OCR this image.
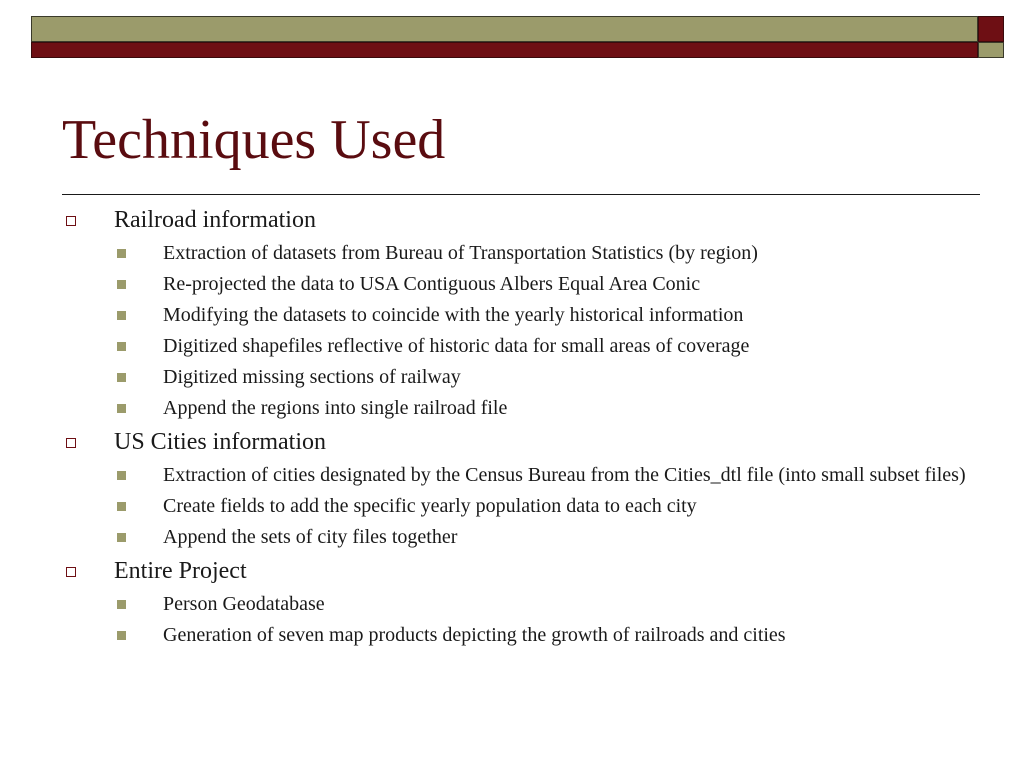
Techniques Used

Railroad information

Extraction of datasets from Bureau of Transportation Statistics (by region)

Re-projected the data to USA Contiguous Albers Equal Area Conic

Modifying the datasets to coincide with the yearly historical information

Digitized shapefiles reflective of historic data for small areas of coverage

Digitized missing sections of railway

Append the regions into single railroad file

US Cities information

Extraction of cities designated by the Census Bureau from the Cities_dtl file (into small subset files)

Create fields to add the specific yearly population data to each city

Append the sets of city files together

Entire Project

Person Geodatabase

Generation of seven map products depicting the growth of railroads and cities
